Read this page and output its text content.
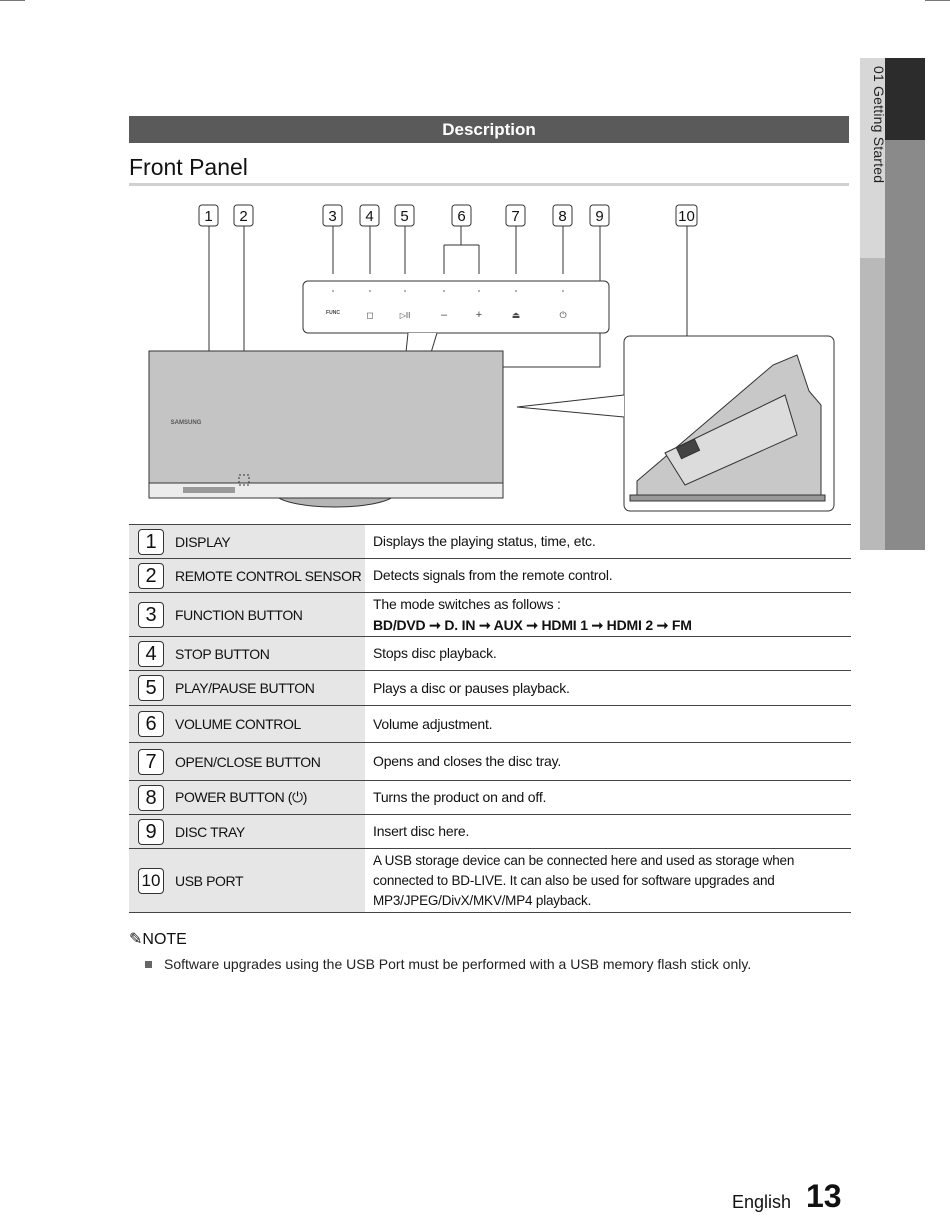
01 Getting Started
Description
Front Panel
1 2	3 4 5	6	7	8 9	10
FUNC	◻	▷II	–	+	⏏	⏻
SAMSUNG
1	DISPLAY	Displays the playing status, time, etc.
2	REMOTE CONTROL SENSOR	Detects signals from the remote control.
3	FUNCTION BUTTON	The mode switches as follows :
BD/DVD ➞ D. IN ➞ AUX ➞ HDMI 1 ➞ HDMI 2 ➞ FM

4	STOP BUTTON	Stops disc playback.
5	PLAY/PAUSE BUTTON	Plays a disc or pauses playback.
6	VOLUME CONTROL	Volume adjustment.
7	OPEN/CLOSE BUTTON	Opens and closes the disc tray.
8	POWER BUTTON (⏻)	Turns the product on and off.
9	DISC TRAY	Insert disc here.
10	USB PORT	A USB storage device can be connected here and used as storage when connected to BD-LIVE. It can also be used for software upgrades and MP3/JPEG/DivX/MKV/MP4 playback.
✎NOTE
Software upgrades using the USB Port must be performed with a USB memory flash stick only.
English 13
